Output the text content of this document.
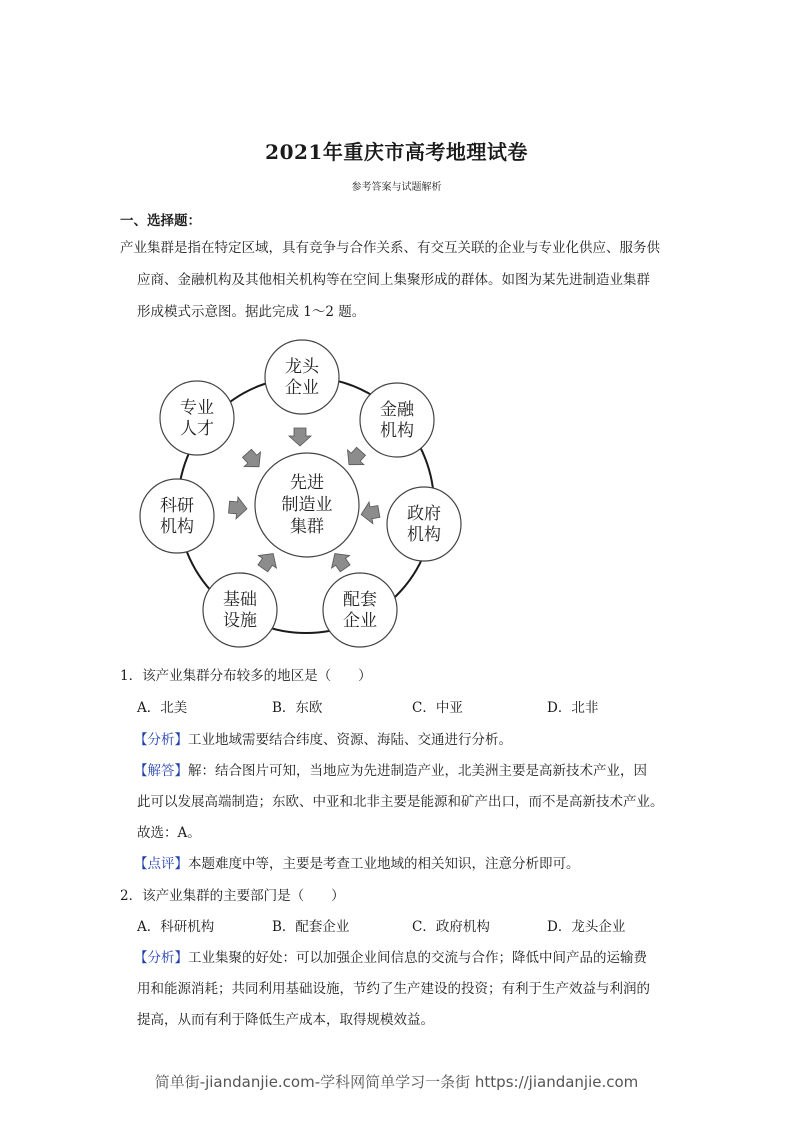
2021年重庆市高考地理试卷
参考答案与试题解析
一、选择题：
产业集群是指在特定区域，具有竞争与合作关系、有交互关联的企业与专业化供应、服务供
应商、金融机构及其他相关机构等在空间上集聚形成的群体。如图为某先进制造业集群
形成模式示意图。据此完成 1～2 题。
龙头
企业
金融
机构
政府
机构
配套
企业
基础
设施
科研
机构
专业
人才
先进
制造业
集群
1．该产业集群分布较多的地区是（　　）
A．北美	B．东欧	C．中亚	D．北非
【分析】工业地域需要结合纬度、资源、海陆、交通进行分析。
【解答】解：结合图片可知，当地应为先进制造产业，北美洲主要是高新技术产业，因
此可以发展高端制造；东欧、中亚和北非主要是能源和矿产出口，而不是高新技术产业。
故选：A。
【点评】本题难度中等，主要是考查工业地域的相关知识，注意分析即可。
2．该产业集群的主要部门是（　　）
A．科研机构	B．配套企业	C．政府机构	D．龙头企业
【分析】工业集聚的好处：可以加强企业间信息的交流与合作；降低中间产品的运输费
用和能源消耗；共同利用基础设施，节约了生产建设的投资；有利于生产效益与利润的
提高，从而有利于降低生产成本，取得规模效益。
简单街-jiandanjie.com-学科网简单学习一条街 https://jiandanjie.com
